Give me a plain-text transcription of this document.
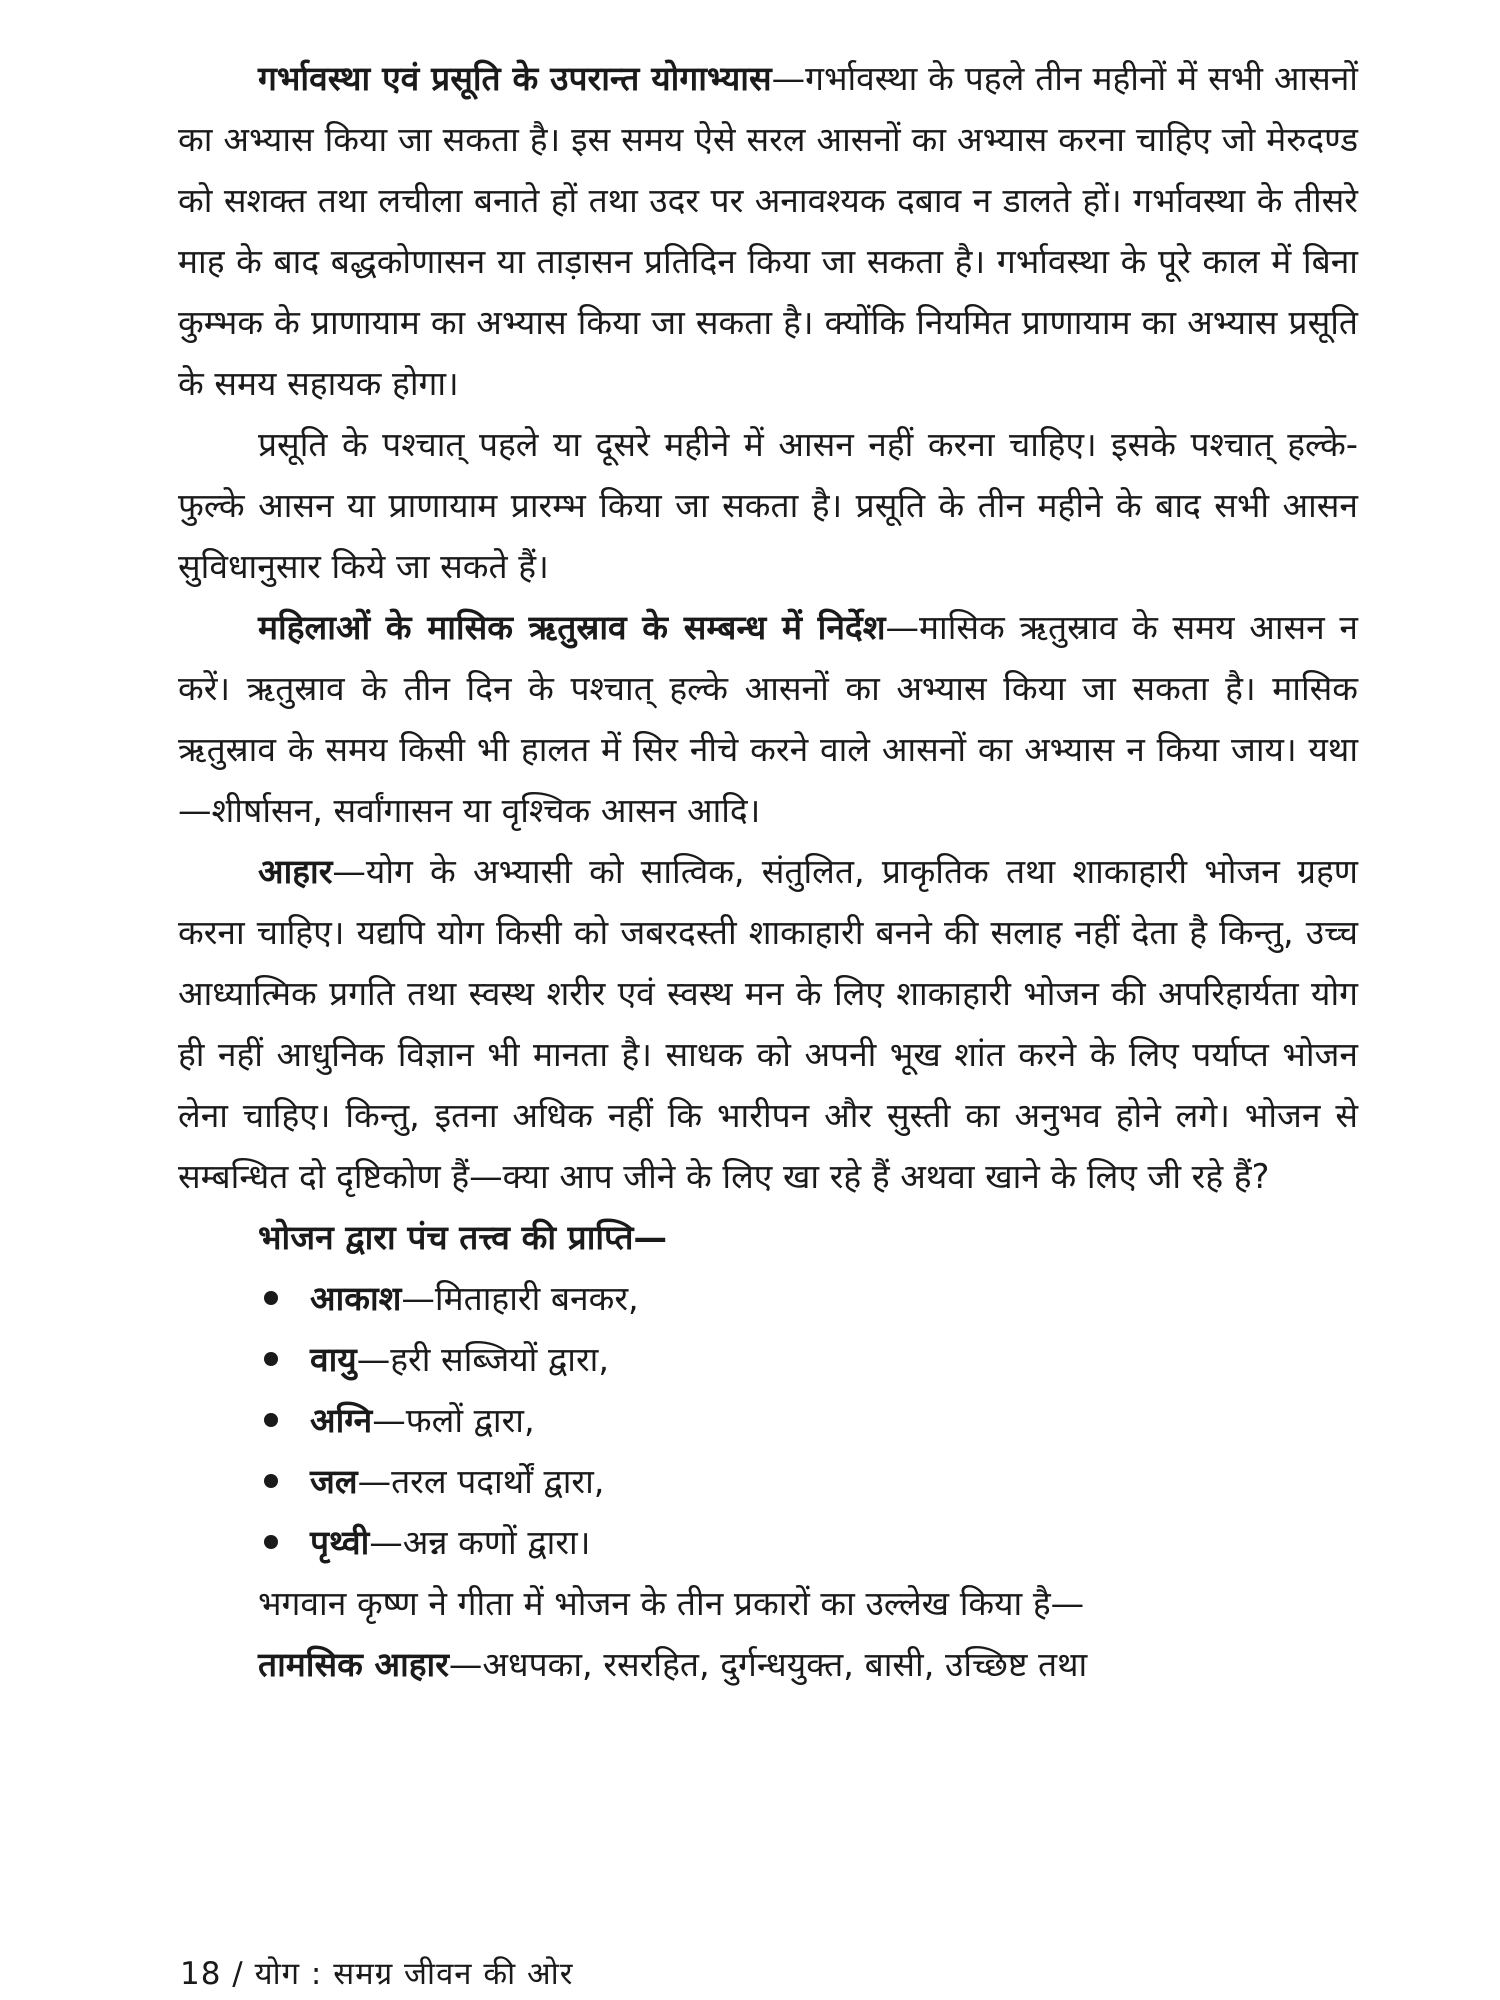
गर्भावस्था एवं प्रसूति के उपरान्त योगाभ्यास—गर्भावस्था के पहले तीन महीनों में सभी आसनों का अभ्यास किया जा सकता है। इस समय ऐसे सरल आसनों का अभ्यास करना चाहिए जो मेरुदण्ड को सशक्त तथा लचीला बनाते हों तथा उदर पर अनावश्यक दबाव न डालते हों। गर्भावस्था के तीसरे माह के बाद बद्धकोणासन या ताड़ासन प्रतिदिन किया जा सकता है। गर्भावस्था के पूरे काल में बिना कुम्भक के प्राणायाम का अभ्यास किया जा सकता है। क्योंकि नियमित प्राणायाम का अभ्यास प्रसूति के समय सहायक होगा।

प्रसूति के पश्चात् पहले या दूसरे महीने में आसन नहीं करना चाहिए। इसके पश्चात् हल्के-फुल्के आसन या प्राणायाम प्रारम्भ किया जा सकता है। प्रसूति के तीन महीने के बाद सभी आसन सुविधानुसार किये जा सकते हैं।

महिलाओं के मासिक ऋतुस्राव के सम्बन्ध में निर्देश—मासिक ऋतुस्राव के समय आसन न करें। ऋतुस्राव के तीन दिन के पश्चात् हल्के आसनों का अभ्यास किया जा सकता है। मासिक ऋतुस्राव के समय किसी भी हालत में सिर नीचे करने वाले आसनों का अभ्यास न किया जाय। यथा—शीर्षासन, सर्वांगासन या वृश्चिक आसन आदि।

आहार—योग के अभ्यासी को सात्विक, संतुलित, प्राकृतिक तथा शाकाहारी भोजन ग्रहण करना चाहिए। यद्यपि योग किसी को जबरदस्ती शाकाहारी बनने की सलाह नहीं देता है किन्तु, उच्च आध्यात्मिक प्रगति तथा स्वस्थ शरीर एवं स्वस्थ मन के लिए शाकाहारी भोजन की अपरिहार्यता योग ही नहीं आधुनिक विज्ञान भी मानता है। साधक को अपनी भूख शांत करने के लिए पर्याप्त भोजन लेना चाहिए। किन्तु, इतना अधिक नहीं कि भारीपन और सुस्ती का अनुभव होने लगे। भोजन से सम्बन्धित दो दृष्टिकोण हैं—क्या आप जीने के लिए खा रहे हैं अथवा खाने के लिए जी रहे हैं?

भोजन द्वारा पंच तत्त्व की प्राप्ति—
आकाश—मिताहारी बनकर,
वायु—हरी सब्जियों द्वारा,
अग्नि—फलों द्वारा,
जल—तरल पदार्थों द्वारा,
पृथ्वी—अन्न कणों द्वारा।
भगवान कृष्ण ने गीता में भोजन के तीन प्रकारों का उल्लेख किया है—
तामसिक आहार—अधपका, रसरहित, दुर्गन्धयुक्त, बासी, उच्छिष्ट तथा
18 / योग : समग्र जीवन की ओर
